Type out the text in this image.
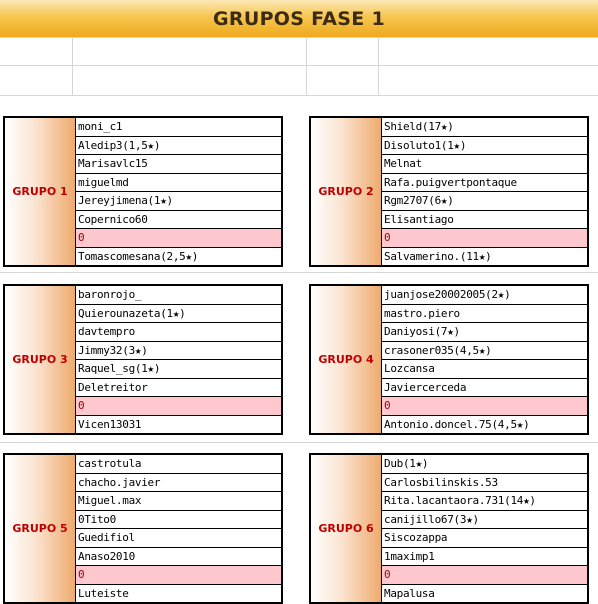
GRUPOS FASE 1
GRUPO 1
moni_c1
Aledip3(1,5★)
Marisavlc15
miguelmd
Jereyjimena(1★)
Copernico60
0
Tomascomesana(2,5★)
GRUPO 2
Shield(17★)
Disoluto1(1★)
Melnat
Rafa.puigvertpontaque
Rgm2707(6★)
Elisantiago
0
Salvamerino.(11★)
GRUPO 3
baronrojo_
Quierounazeta(1★)
davtempro
Jimmy32(3★)
Raquel_sg(1★)
Deletreitor
0
Vicen13031
GRUPO 4
juanjose20002005(2★)
mastro.piero
Daniyosi(7★)
crasoner035(4,5★)
Lozcansa
Javiercerceda
0
Antonio.doncel.75(4,5★)
GRUPO 5
castrotula
chacho.javier
Miguel.max
0Tito0
Guedifiol
Anaso2010
0
Luteiste
GRUPO 6
Dub(1★)
Carlosbilinskis.53
Rita.lacantaora.731(14★)
canijillo67(3★)
Siscozappa
1maximp1
0
Mapalusa
